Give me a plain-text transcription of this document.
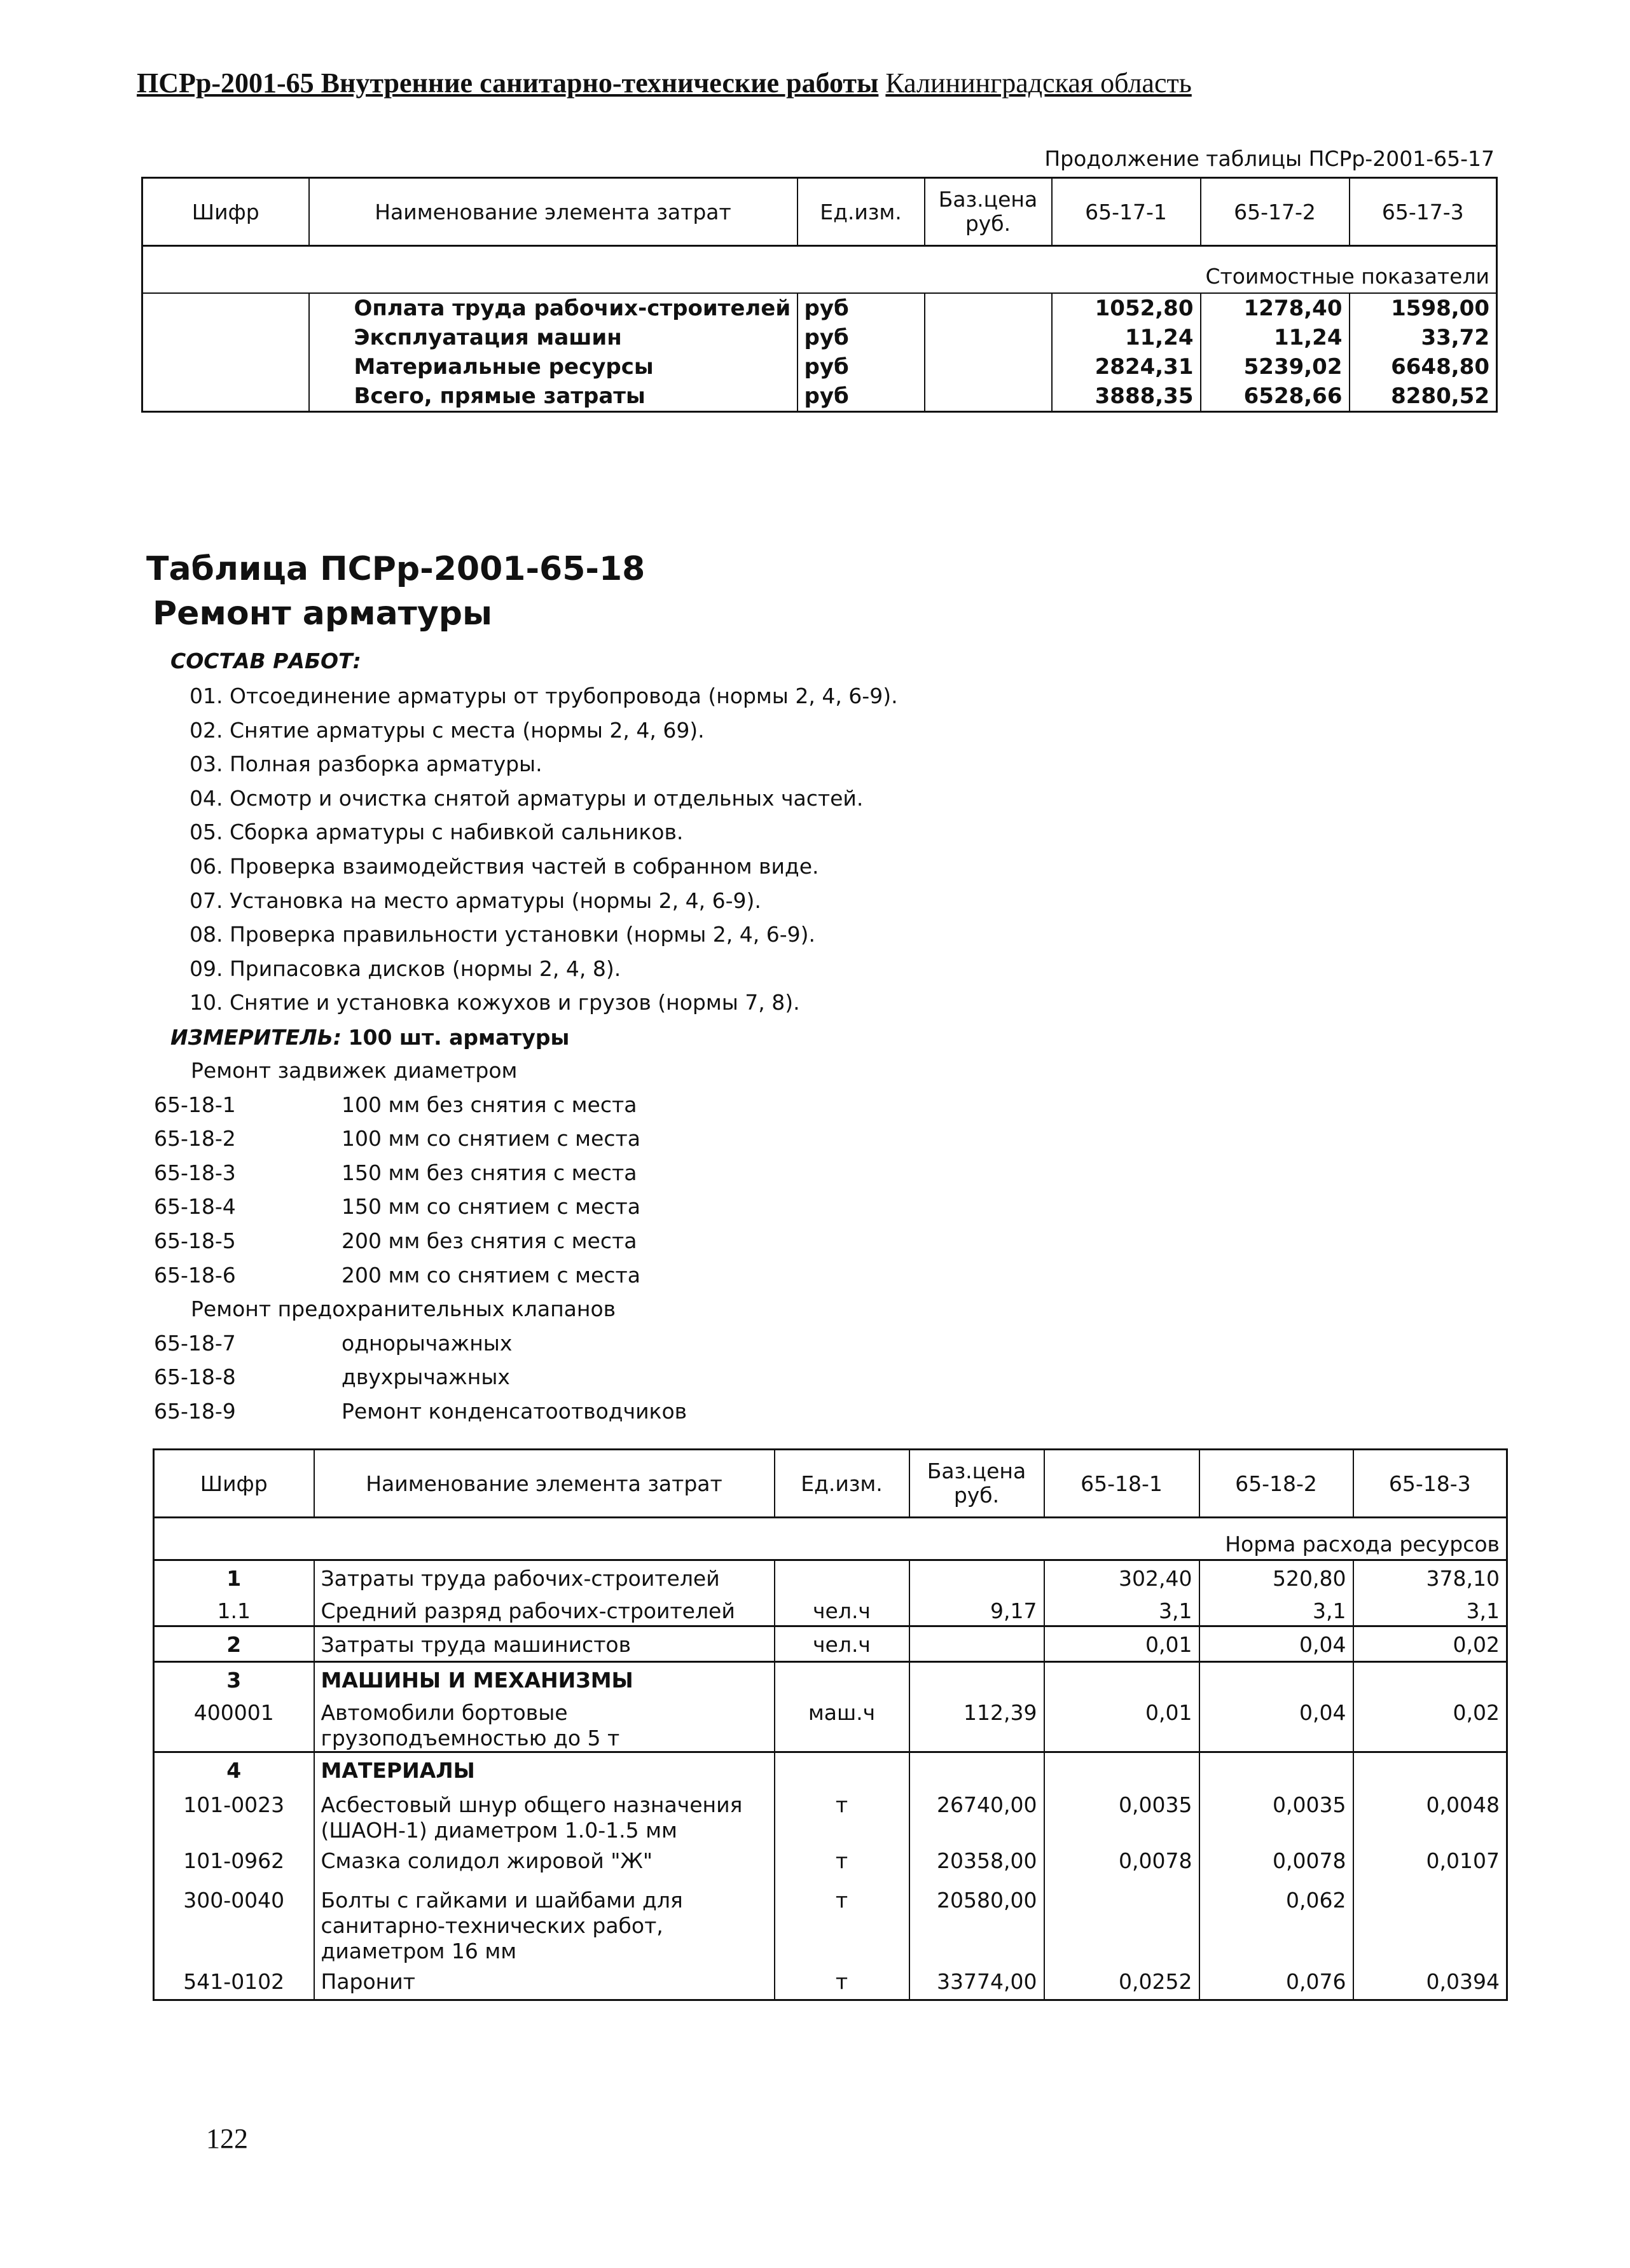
ПСРр-2001-65 Внутренние санитарно-технические работы Калининградская область
Продолжение таблицы ПСРр-2001-65-17
Шифр	Наименование элемента затрат	Ед.изм.	Баз.цена руб.	65-17-1	65-17-2	65-17-3
Стоимостные показатели						
	Оплата труда рабочих-строителей	руб		1052,80	1278,40	1598,00
	Эксплуатация машин	руб		11,24	11,24	33,72
	Материальные ресурсы	руб		2824,31	5239,02	6648,80
	Всего, прямые затраты	руб		3888,35	6528,66	8280,52
Таблица ПСРр-2001-65-18
Ремонт арматуры
СОСТАВ РАБОТ:
01. Отсоединение арматуры от трубопровода (нормы 2, 4, 6-9).
02. Снятие арматуры с места (нормы 2, 4, 69).
03. Полная разборка арматуры.
04. Осмотр и очистка снятой арматуры и отдельных частей.
05. Сборка арматуры с набивкой сальников.
06. Проверка взаимодействия частей в собранном виде.
07. Установка на место арматуры (нормы 2, 4, 6-9).
08. Проверка правильности установки (нормы 2, 4, 6-9).
09. Припасовка дисков (нормы 2, 4, 8).
10. Снятие и установка кожухов и грузов (нормы 7, 8).
ИЗМЕРИТЕЛЬ: 100 шт. арматуры
Ремонт задвижек диаметром
65-18-1	100 мм без снятия с места
65-18-2	100 мм со снятием с места
65-18-3	150 мм без снятия с места
65-18-4	150 мм со снятием с места
65-18-5	200 мм без снятия с места
65-18-6	200 мм со снятием с места
Ремонт предохранительных клапанов
65-18-7	однорычажных
65-18-8	двухрычажных
65-18-9	Ремонт конденсатоотводчиков
Шифр	Наименование элемента затрат	Ед.изм.	Баз.цена руб.	65-18-1	65-18-2	65-18-3
				Норма расхода ресурсов		
1	Затраты труда рабочих-строителей			302,40	520,80	378,10
1.1	Средний разряд рабочих-строителей	чел.ч	9,17	3,1	3,1	3,1
2	Затраты труда машинистов	чел.ч		0,01	0,04	0,02
3	МАШИНЫ И МЕХАНИЗМЫ					
400001	Автомобили бортовые грузоподъемностью до 5 т	маш.ч	112,39	0,01	0,04	0,02
4	МАТЕРИАЛЫ					
101-0023	Асбестовый шнур общего назначения (ШАОН-1) диаметром 1.0-1.5 мм	т	26740,00	0,0035	0,0035	0,0048
101-0962	Смазка солидол жировой "Ж"	т	20358,00	0,0078	0,0078	0,0107
300-0040	Болты с гайками и шайбами для санитарно-технических работ, диаметром 16 мм	т	20580,00		0,062	
541-0102	Паронит	т	33774,00	0,0252	0,076	0,0394
122
